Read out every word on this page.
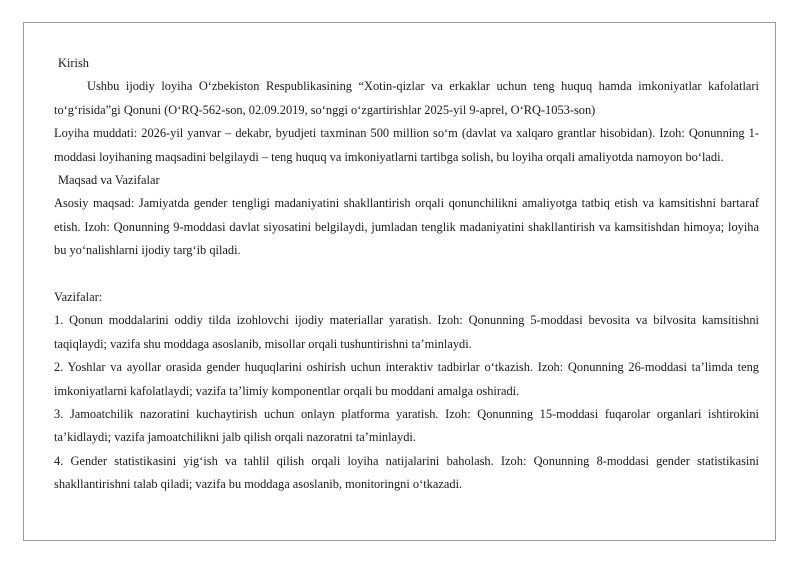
Kirish

Ushbu ijodiy loyiha O‘zbekiston Respublikasining “Xotin-qizlar va erkaklar uchun teng huquq hamda imkoniyatlar kafolatlari to‘g‘risida”gi Qonuni (O‘RQ-562-son, 02.09.2019, so‘nggi o‘zgartirishlar 2025-yil 9-aprel, O‘RQ-1053-son)

Loyiha muddati: 2026-yil yanvar – dekabr, byudjeti taxminan 500 million so‘m (davlat va xalqaro grantlar hisobidan). Izoh: Qonunning 1-moddasi loyihaning maqsadini belgilaydi – teng huquq va imkoniyatlarni tartibga solish, bu loyiha orqali amaliyotda namoyon bo‘ladi.

Maqsad va Vazifalar

Asosiy maqsad: Jamiyatda gender tengligi madaniyatini shakllantirish orqali qonunchilikni amaliyotga tatbiq etish va kamsitishni bartaraf etish. Izoh: Qonunning 9-moddasi davlat siyosatini belgilaydi, jumladan tenglik madaniyatini shakllantirish va kamsitishdan himoya; loyiha bu yo‘nalishlarni ijodiy targ‘ib qiladi.

Vazifalar:

1. Qonun moddalarini oddiy tilda izohlovchi ijodiy materiallar yaratish. Izoh: Qonunning 5-moddasi bevosita va bilvosita kamsitishni taqiqlaydi; vazifa shu moddaga asoslanib, misollar orqali tushuntirishni ta’minlaydi.

2. Yoshlar va ayollar orasida gender huquqlarini oshirish uchun interaktiv tadbirlar o‘tkazish. Izoh: Qonunning 26-moddasi ta’limda teng imkoniyatlarni kafolatlaydi; vazifa ta’limiy komponentlar orqali bu moddani amalga oshiradi.

3. Jamoatchilik nazoratini kuchaytirish uchun onlayn platforma yaratish. Izoh: Qonunning 15-moddasi fuqarolar organlari ishtirokini ta’kidlaydi; vazifa jamoatchilikni jalb qilish orqali nazoratni ta’minlaydi.

4. Gender statistikasini yig‘ish va tahlil qilish orqali loyiha natijalarini baholash. Izoh: Qonunning 8-moddasi gender statistikasini shakllantirishni talab qiladi; vazifa bu moddaga asoslanib, monitoringni o‘tkazadi.
